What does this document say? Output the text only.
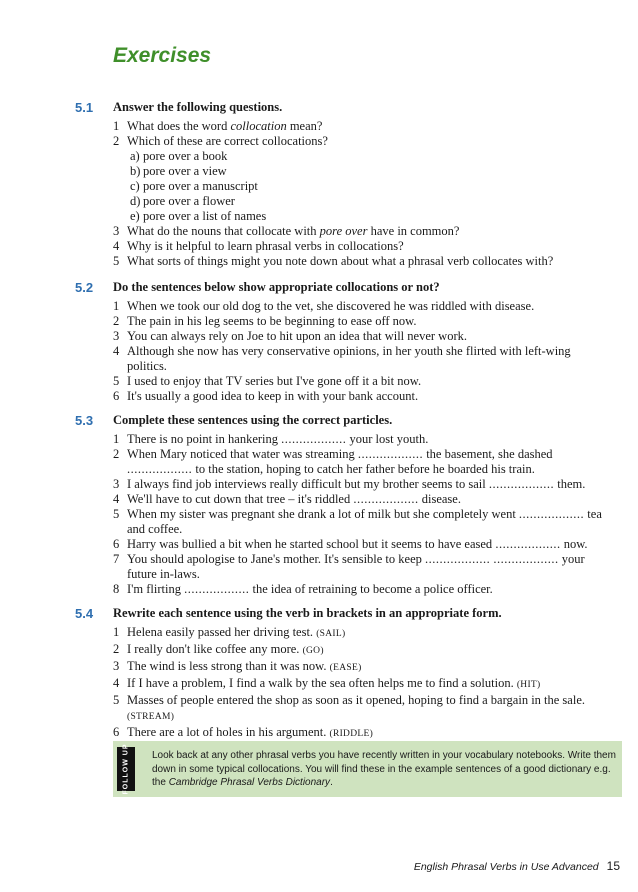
Exercises
5.1 Answer the following questions.
1 What does the word collocation mean?
2 Which of these are correct collocations?
a) pore over a book
b) pore over a view
c) pore over a manuscript
d) pore over a flower
e) pore over a list of names
3 What do the nouns that collocate with pore over have in common?
4 Why is it helpful to learn phrasal verbs in collocations?
5 What sorts of things might you note down about what a phrasal verb collocates with?
5.2 Do the sentences below show appropriate collocations or not?
1 When we took our old dog to the vet, she discovered he was riddled with disease.
2 The pain in his leg seems to be beginning to ease off now.
3 You can always rely on Joe to hit upon an idea that will never work.
4 Although she now has very conservative opinions, in her youth she flirted with left-wing politics.
5 I used to enjoy that TV series but I've gone off it a bit now.
6 It's usually a good idea to keep in with your bank account.
5.3 Complete these sentences using the correct particles.
1 There is no point in hankering .................. your lost youth.
2 When Mary noticed that water was streaming .................. the basement, she dashed
.................. to the station, hoping to catch her father before he boarded his train.
3 I always find job interviews really difficult but my brother seems to sail .................. them.
4 We'll have to cut down that tree – it's riddled .................. disease.
5 When my sister was pregnant she drank a lot of milk but she completely went .................. tea and coffee.
6 Harry was bullied a bit when he started school but it seems to have eased .................. now.
7 You should apologise to Jane's mother. It's sensible to keep .................. .................. your future in-laws.
8 I'm flirting .................. the idea of retraining to become a police officer.
5.4 Rewrite each sentence using the verb in brackets in an appropriate form.
1 Helena easily passed her driving test. (SAIL)
2 I really don't like coffee any more. (GO)
3 The wind is less strong than it was now. (EASE)
4 If I have a problem, I find a walk by the sea often helps me to find a solution. (HIT)
5 Masses of people entered the shop as soon as it opened, hoping to find a bargain in the sale. (STREAM)
6 There are a lot of holes in his argument. (RIDDLE)
FOLLOW UP Look back at any other phrasal verbs you have recently written in your vocabulary notebooks. Write them down in some typical collocations. You will find these in the example sentences of a good dictionary e.g. the Cambridge Phrasal Verbs Dictionary.
English Phrasal Verbs in Use Advanced 15
